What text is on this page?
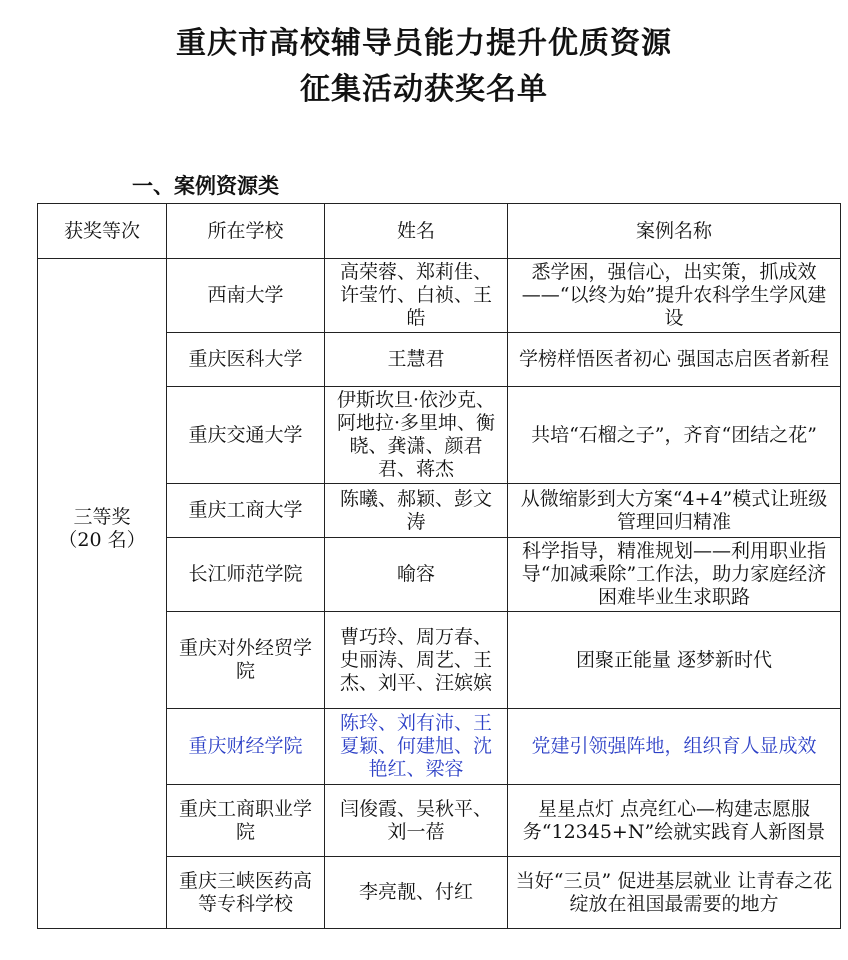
重庆市高校辅导员能力提升优质资源
征集活动获奖名单
一、案例资源类
获奖等次	所在学校	姓名	案例名称

三等奖
（20 名）	西南大学	高荣蓉、郑莉佳、许莹竹、白祯、王皓	悉学困，强信心，出实策，抓成效——“以终为始”提升农科学生学风建设
	重庆医科大学	王慧君	学榜样悟医者初心 强国志启医者新程
	重庆交通大学	伊斯坎旦·依沙克、阿地拉·多里坤、衡晓、龚潇、颜君君、蒋杰	共培“石榴之子”，齐育“团结之花”
	重庆工商大学	陈曦、郝颖、彭文涛	从微缩影到大方案“4+4”模式让班级管理回归精准
	长江师范学院	喻容	科学指导，精准规划——利用职业指导“加减乘除”工作法，助力家庭经济困难毕业生求职路
	重庆对外经贸学院	曹巧玲、周万春、史丽涛、周艺、王杰、刘平、汪嫔嫔	团聚正能量 逐梦新时代
	重庆财经学院	陈玲、刘有沛、王夏颖、何建旭、沈艳红、梁容	党建引领强阵地，组织育人显成效
	重庆工商职业学院	闫俊霞、吴秋平、刘一蓓	星星点灯 点亮红心—构建志愿服务“12345+N”绘就实践育人新图景
	重庆三峡医药高等专科学校	李亮靓、付红	当好“三员” 促进基层就业 让青春之花绽放在祖国最需要的地方
